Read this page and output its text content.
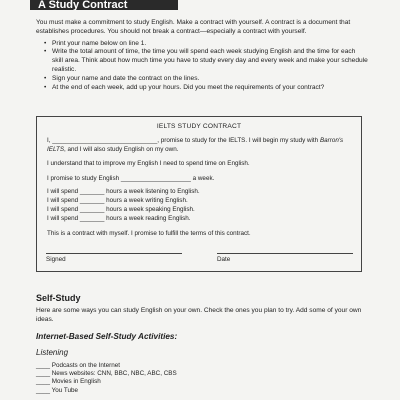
A Study Contract

You must make a commitment to study English. Make a contract with yourself. A contract is a document that establishes procedures. You should not break a contract—especially a contract with yourself.

• Print your name below on line 1.
• Write the total amount of time, the time you will spend each week studying English and the time for each skill area. Think about how much time you have to study every day and every week and make your schedule realistic.
• Sign your name and date the contract on the lines.
• At the end of each week, add up your hours. Did you meet the requirements of your contract?
IELTS STUDY CONTRACT
I, ______________________________, promise to study for the IELTS. I will begin my study with Barron's IELTS, and I will also study English on my own.
I understand that to improve my English I need to spend time on English.
I promise to study English ____________________ a week.
I will spend _______ hours a week listening to English.
I will spend _______ hours a week writing English.
I will spend _______ hours a week speaking English.
I will spend _______ hours a week reading English.
This is a contract with myself. I promise to fulfill the terms of this contract.
Signed	Date
Self-Study
Here are some ways you can study English on your own. Check the ones you plan to try. Add some of your own ideas.
Internet-Based Self-Study Activities:
Listening
____ Podcasts on the Internet
____ News websites: CNN, BBC, NBC, ABC, CBS
____ Movies in English
____ You Tube
